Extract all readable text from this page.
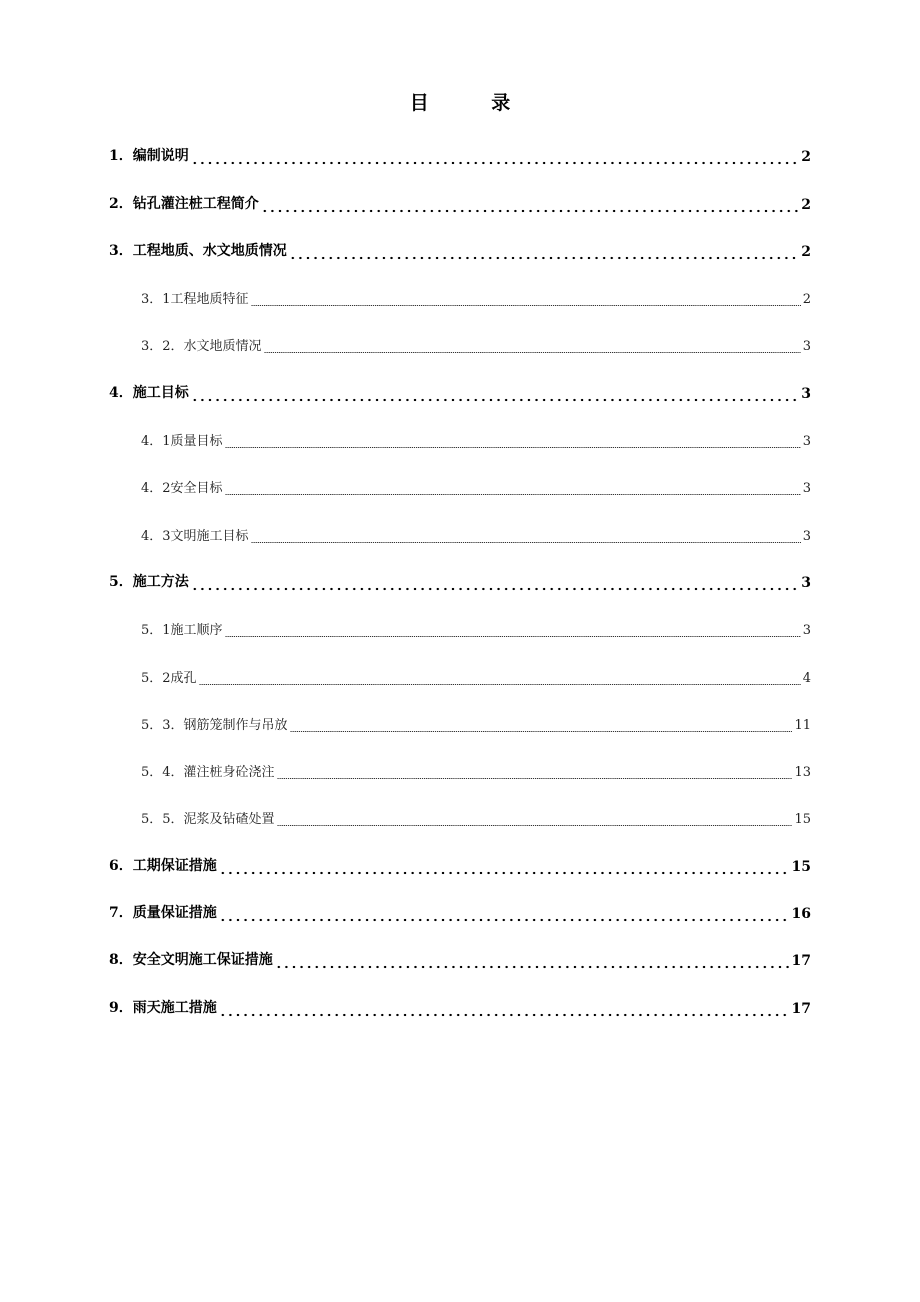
目 录
1． 编制说明	2
2． 钻孔灌注桩工程简介	2
3． 工程地质、水文地质情况	2
3．1 工程地质特征	2
3．2． 水文地质情况	3
4． 施工目标	3
4．1 质量目标	3
4．2 安全目标	3
4．3 文明施工目标	3
5． 施工方法	3
5．1 施工顺序	3
5．2 成孔	4
5．3． 钢筋笼制作与吊放	11
5．4． 灌注桩身砼浇注	13
5．5． 泥浆及钻碴处置	15
6． 工期保证措施	15
7． 质量保证措施	16
8． 安全文明施工保证措施	17
9． 雨天施工措施	17
